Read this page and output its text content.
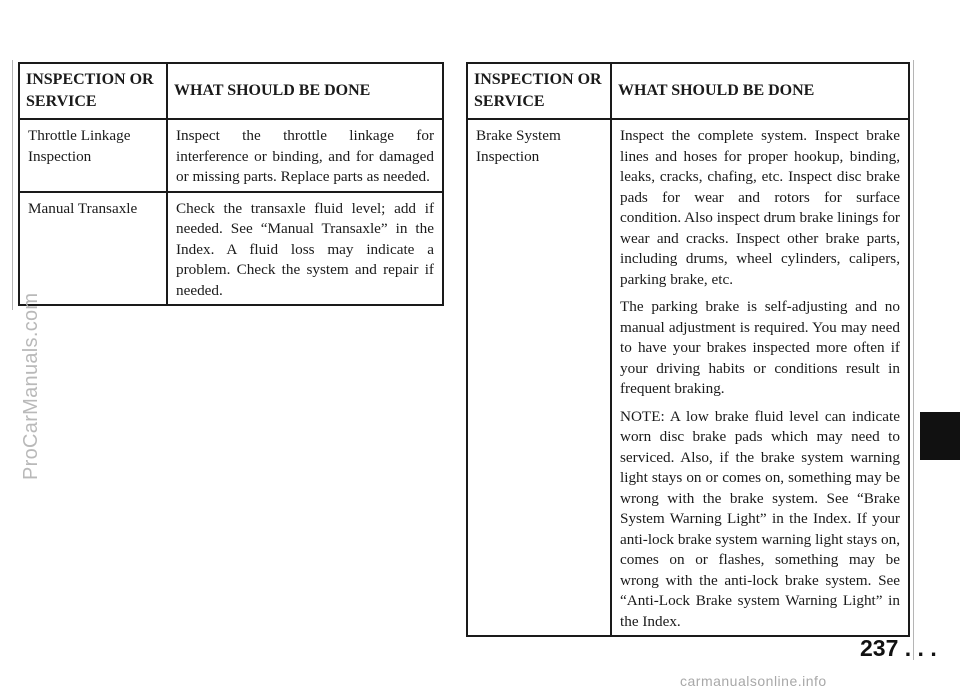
INSPECTION OR SERVICE	WHAT SHOULD BE DONE
Throttle Linkage Inspection	Inspect the throttle linkage for interference or binding, and for damaged or missing parts. Replace parts as needed.
Manual Transaxle	Check the transaxle fluid level; add if needed. See “Manual Transaxle” in the Index. A fluid loss may indicate a problem. Check the system and repair if needed.
INSPECTION OR SERVICE	WHAT SHOULD BE DONE
Brake System Inspection	Inspect the complete system. Inspect brake lines and hoses for proper hookup, binding, leaks, cracks, chafing, etc. Inspect disc brake pads for wear and rotors for surface condition. Also inspect drum brake linings for wear and cracks. Inspect other brake parts, including drums, wheel cylinders, calipers, parking brake, etc.

The parking brake is self-adjusting and no manual adjustment is required. You may need to have your brakes inspected more often if your driving habits or conditions result in frequent braking.

NOTE: A low brake fluid level can indicate worn disc brake pads which may need to serviced. Also, if the brake system warning light stays on or comes on, something may be wrong with the brake system. See “Brake System Warning Light” in the Index. If your anti-lock brake system warning light stays on, comes on or flashes, something may be wrong with the anti-lock brake system. See “Anti-Lock Brake system Warning Light” in the Index.

ProCarManuals.com
237 . . .
carmanualsonline.info
